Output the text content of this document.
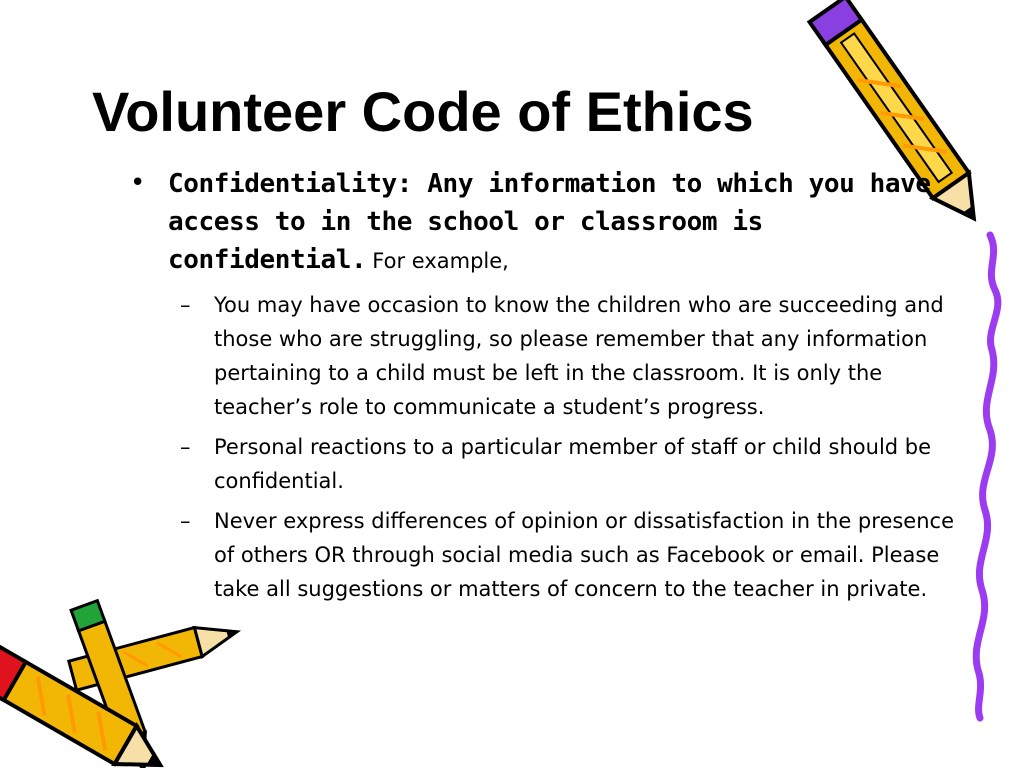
Volunteer Code of Ethics
• Confidentiality: Any information to which you have access to in the school or classroom is confidential. For example,
– You may have occasion to know the children who are succeeding and those who are struggling, so please remember that any information pertaining to a child must be left in the classroom. It is only the teacher’s role to communicate a student’s progress.
– Personal reactions to a particular member of staff or child should be confidential.
– Never express differences of opinion or dissatisfaction in the presence of others OR through social media such as Facebook or email. Please take all suggestions or matters of concern to the teacher in private.
